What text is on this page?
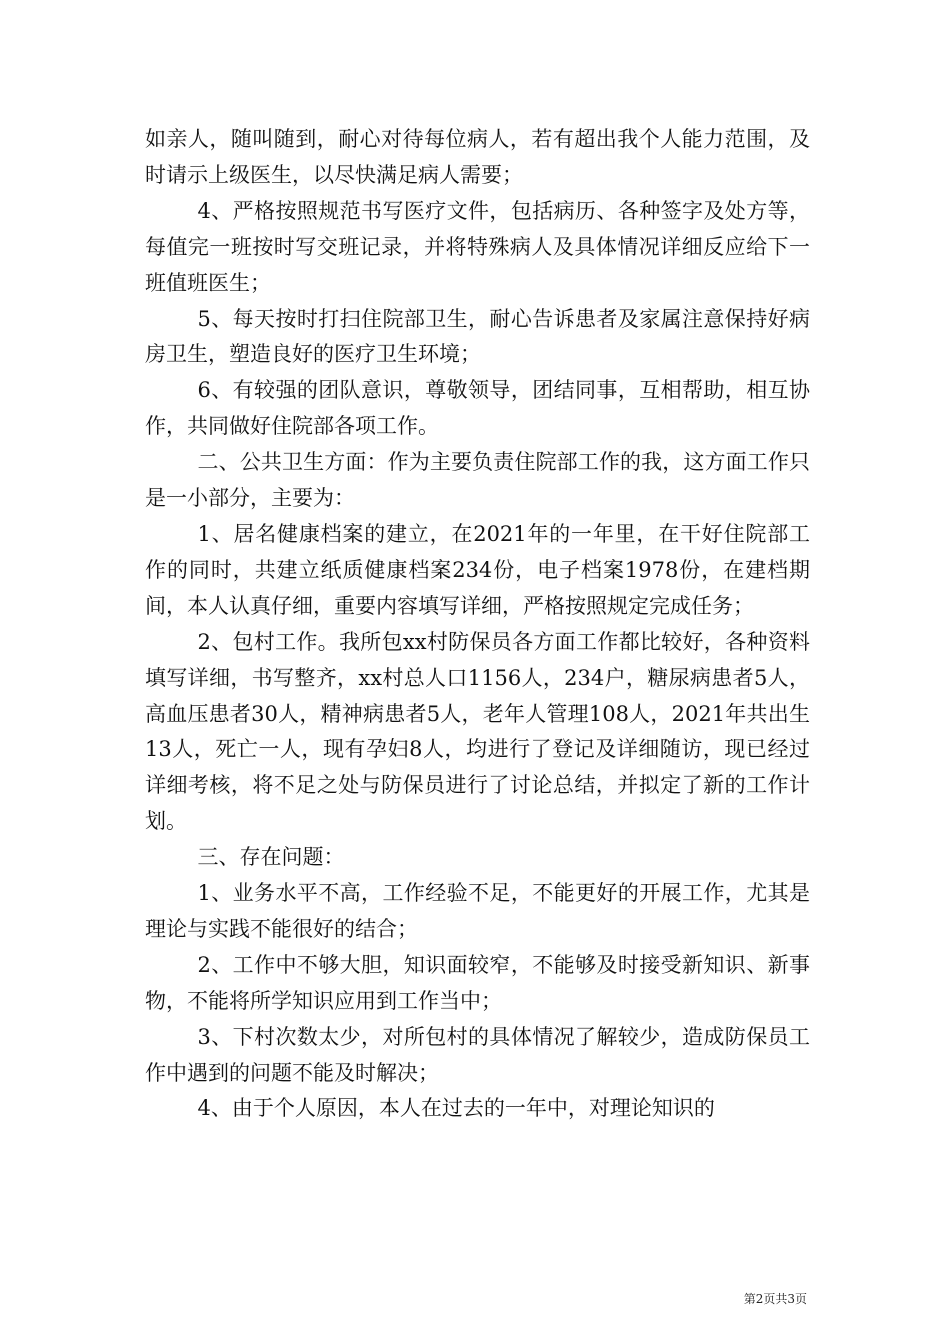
如亲人，随叫随到，耐心对待每位病人，若有超出我个人能力范围，及时请示上级医生，以尽快满足病人需要；

4、严格按照规范书写医疗文件，包括病历、各种签字及处方等，每值完一班按时写交班记录，并将特殊病人及具体情况详细反应给下一班值班医生；

5、每天按时打扫住院部卫生，耐心告诉患者及家属注意保持好病房卫生，塑造良好的医疗卫生环境；

6、有较强的团队意识，尊敬领导，团结同事，互相帮助，相互协作，共同做好住院部各项工作。

二、公共卫生方面：作为主要负责住院部工作的我，这方面工作只是一小部分，主要为：

1、居名健康档案的建立，在2021年的一年里，在干好住院部工作的同时，共建立纸质健康档案234份，电子档案1978份，在建档期间，本人认真仔细，重要内容填写详细，严格按照规定完成任务；

2、包村工作。我所包xx村防保员各方面工作都比较好，各种资料填写详细，书写整齐，xx村总人口1156人，234户，糖尿病患者5人，高血压患者30人，精神病患者5人，老年人管理108人，2021年共出生13人，死亡一人，现有孕妇8人，均进行了登记及详细随访，现已经过详细考核，将不足之处与防保员进行了讨论总结，并拟定了新的工作计划。

三、存在问题：

1、业务水平不高，工作经验不足，不能更好的开展工作，尤其是理论与实践不能很好的结合；

2、工作中不够大胆，知识面较窄，不能够及时接受新知识、新事物，不能将所学知识应用到工作当中；

3、下村次数太少，对所包村的具体情况了解较少，造成防保员工作中遇到的问题不能及时解决；

4、由于个人原因，本人在过去的一年中，对理论知识的

第2页共3页
